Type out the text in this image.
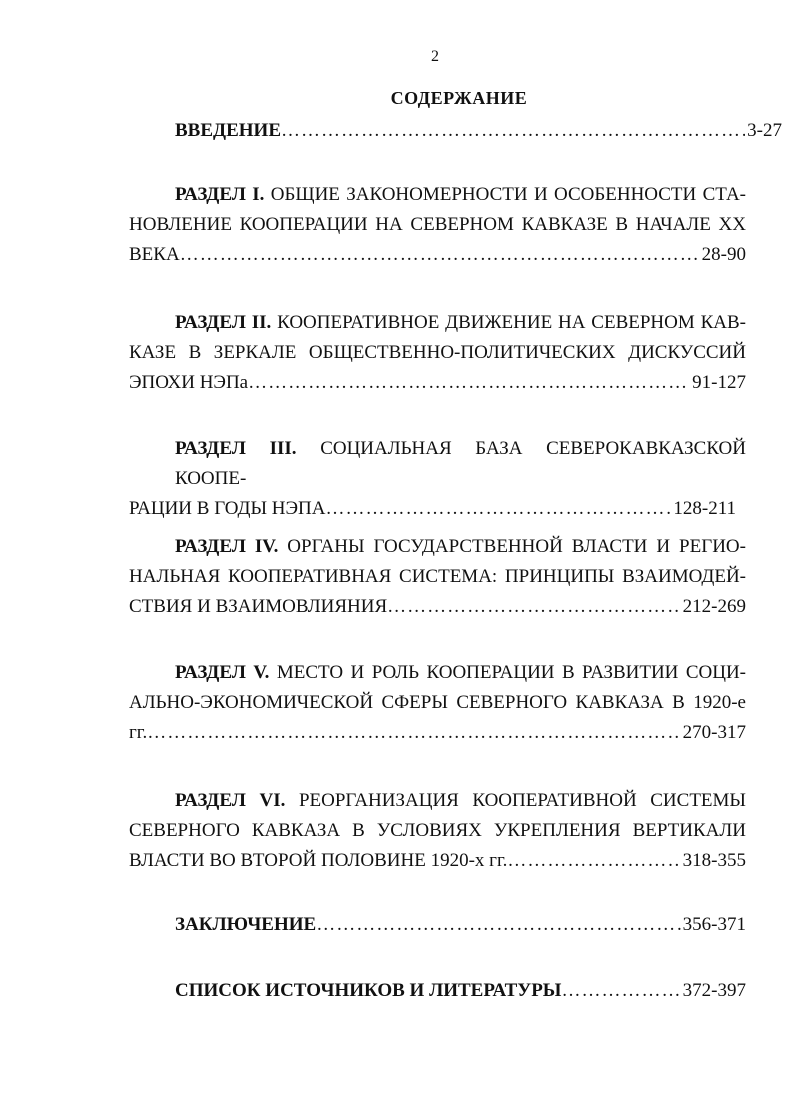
2
СОДЕРЖАНИЕ

ВВЕДЕНИЕ …………………………………………………………………………………………………………………………………………………………………………	3-27

РАЗДЕЛ I. ОБЩИЕ ЗАКОНОМЕРНОСТИ И ОСОБЕННОСТИ СТА-

НОВЛЕНИЕ КООПЕРАЦИИ НА СЕВЕРНОМ КАВКАЗЕ В НАЧАЛЕ XX

ВЕКА …………………………………………………………………………………………………………………………………………………………………………	28-90

РАЗДЕЛ II. КООПЕРАТИВНОЕ ДВИЖЕНИЕ НА СЕВЕРНОМ КАВ-

КАЗЕ В ЗЕРКАЛЕ ОБЩЕСТВЕННО-ПОЛИТИЧЕСКИХ ДИСКУССИЙ

ЭПОХИ НЭПа …………………………………………………………………………………………………………………………………………………………………………	91-127

РАЗДЕЛ III. СОЦИАЛЬНАЯ БАЗА СЕВЕРОКАВКАЗСКОЙ КООПЕ-

РАЦИИ В ГОДЫ НЭПА …………………………………………………………………………………………………………………………………………………………………………	128-211

РАЗДЕЛ IV. ОРГАНЫ ГОСУДАРСТВЕННОЙ ВЛАСТИ И РЕГИО-

НАЛЬНАЯ КООПЕРАТИВНАЯ СИСТЕМА: ПРИНЦИПЫ ВЗАИМОДЕЙ-

СТВИЯ И ВЗАИМОВЛИЯНИЯ …………………………………………………………………………………………………………………………………………………………………………	212-269

РАЗДЕЛ V. МЕСТО И РОЛЬ КООПЕРАЦИИ В РАЗВИТИИ СОЦИ-

АЛЬНО-ЭКОНОМИЧЕСКОЙ СФЕРЫ СЕВЕРНОГО КАВКАЗА В 1920-е

гг. …………………………………………………………………………………………………………………………………………………………………………	270-317

РАЗДЕЛ VI. РЕОРГАНИЗАЦИЯ КООПЕРАТИВНОЙ СИСТЕМЫ

СЕВЕРНОГО КАВКАЗА В УСЛОВИЯХ УКРЕПЛЕНИЯ ВЕРТИКАЛИ

ВЛАСТИ ВО ВТОРОЙ ПОЛОВИНЕ 1920-х гг. …………………………………………………………………………………………………………………………………………………………………………	318-355

ЗАКЛЮЧЕНИЕ …………………………………………………………………………………………………………………………………………………………………………	356-371

СПИСОК ИСТОЧНИКОВ И ЛИТЕРАТУРЫ …………………………………………………………………………………………………………………………………………………………………………	372-397
